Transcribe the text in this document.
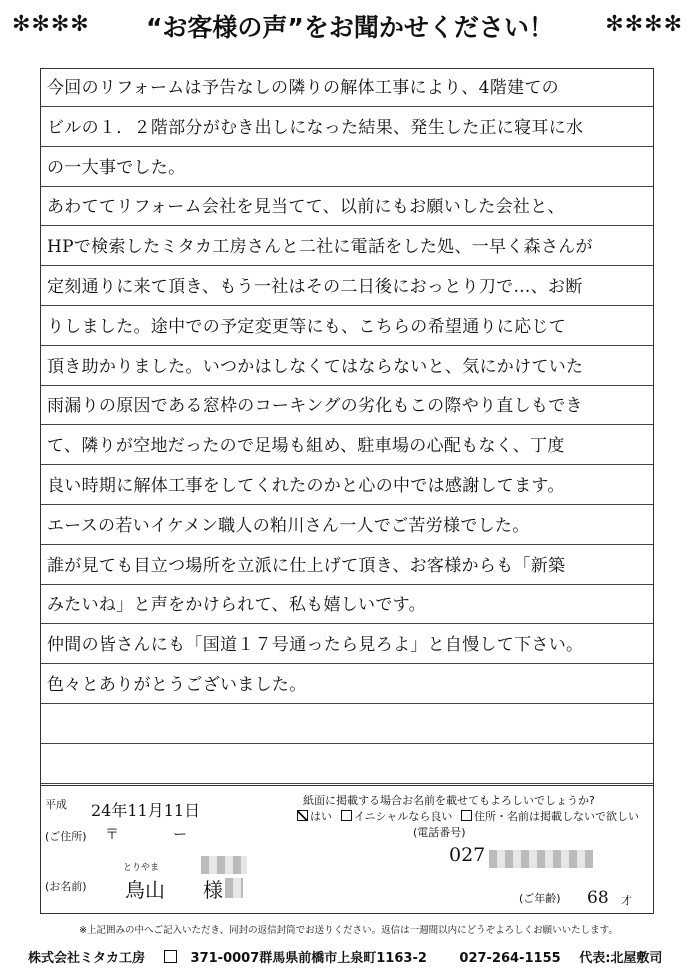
✻✻✻✻ “お客様の声”をお聞かせください！ ✻✻✻✻
今回のリフォームは予告なしの隣りの解体工事により、4階建ての
ビルの１．２階部分がむき出しになった結果、発生した正に寝耳に水
の一大事でした。
あわててリフォーム会社を見当てて、以前にもお願いした会社と、
HPで検索したミタカ工房さんと二社に電話をした処、一早く森さんが
定刻通りに来て頂き、もう一社はその二日後におっとり刀で…、お断
りしました。途中での予定変更等にも、こちらの希望通りに応じて
頂き助かりました。いつかはしなくてはならないと、気にかけていた
雨漏りの原因である窓枠のコーキングの劣化もこの際やり直しもでき
て、隣りが空地だったので足場も組め、駐車場の心配もなく、丁度
良い時期に解体工事をしてくれたのかと心の中では感謝してます。
エースの若いイケメン職人の粕川さん一人でご苦労様でした。
誰が見ても目立つ場所を立派に仕上げて頂き、お客様からも「新築
みたいね」と声をかけられて、私も嬉しいです。
仲間の皆さんにも「国道１７号通ったら見ろよ」と自慢して下さい。
色々とありがとうございました。
平成 24年11月11日
(ご住所) 〒	ー
紙面に掲載する場合お名前を載せてもよろしいでしょうか?
はい	イニシャルなら良い	住所・名前は掲載しないで欲しい
(電話番号)
027
とりやま
(お名前) 鳥山 様	(ご年齢) 68 才
※上記囲みの中へご記入いただき、同封の返信封筒でお送りください。返信は一週間以内にどうぞよろしくお願いいたします。
株式会社ミタカ工房	371-0007群馬県前橋市上泉町1163-2	027-264-1155 代表:北屋敷司
